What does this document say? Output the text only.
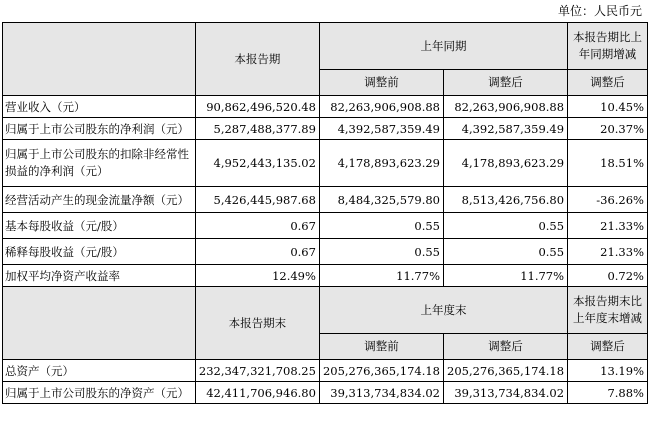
单位：人民币元
	本报告期	上年同期		本报告期比上年同期增减
		调整前	调整后	调整后
营业收入（元）	90,862,496,520.48	82,263,906,908.88	82,263,906,908.88	10.45%
归属于上市公司股东的净利润（元）	5,287,488,377.89	4,392,587,359.49	4,392,587,359.49	20.37%
归属于上市公司股东的扣除非经常性损益的净利润（元）	4,952,443,135.02	4,178,893,623.29	4,178,893,623.29	18.51%
经营活动产生的现金流量净额（元）	5,426,445,987.68	8,484,325,579.80	8,513,426,756.80	-36.26%
基本每股收益（元/股）	0.67	0.55	0.55	21.33%
稀释每股收益（元/股）	0.67	0.55	0.55	21.33%
加权平均净资产收益率	12.49%	11.77%	11.77%	0.72%
	本报告期末	上年度末		本报告期末比上年度末增减
		调整前	调整后	调整后
总资产（元）	232,347,321,708.25	205,276,365,174.18	205,276,365,174.18	13.19%
归属于上市公司股东的净资产（元）	42,411,706,946.80	39,313,734,834.02	39,313,734,834.02	7.88%
